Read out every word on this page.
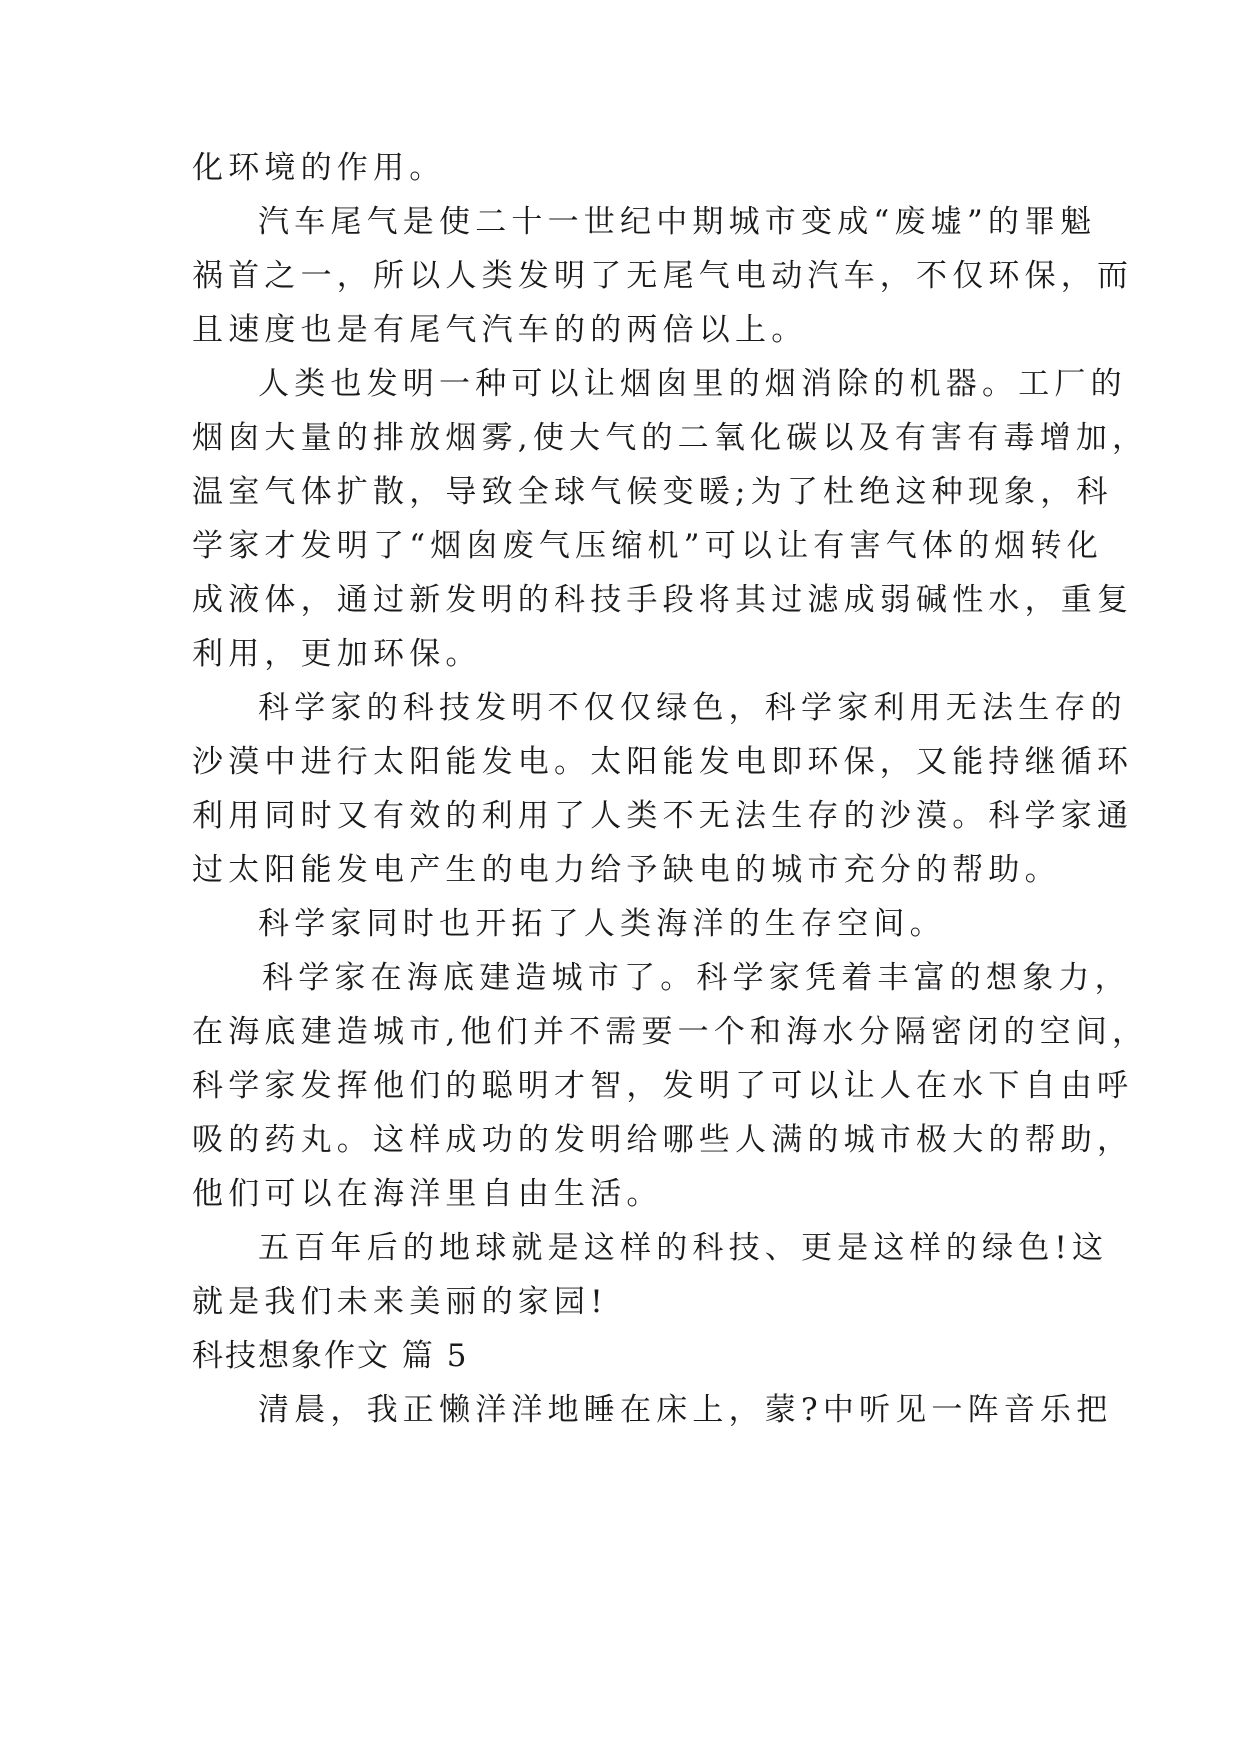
化环境的作用。
汽车尾气是使二十一世纪中期城市变成“废墟”的罪魁
祸首之一，所以人类发明了无尾气电动汽车，不仅环保，而
且速度也是有尾气汽车的的两倍以上。
人类也发明一种可以让烟囱里的烟消除的机器。工厂的
烟囱大量的排放烟雾,使大气的二氧化碳以及有害有毒增加，
温室气体扩散，导致全球气候变暖;为了杜绝这种现象，科
学家才发明了“烟囱废气压缩机”可以让有害气体的烟转化
成液体，通过新发明的科技手段将其过滤成弱碱性水，重复
利用，更加环保。
科学家的科技发明不仅仅绿色，科学家利用无法生存的
沙漠中进行太阳能发电。太阳能发电即环保，又能持继循环
利用同时又有效的利用了人类不无法生存的沙漠。科学家通
过太阳能发电产生的电力给予缺电的城市充分的帮助。
科学家同时也开拓了人类海洋的生存空间。
科学家在海底建造城市了。科学家凭着丰富的想象力，
在海底建造城市,他们并不需要一个和海水分隔密闭的空间，
科学家发挥他们的聪明才智，发明了可以让人在水下自由呼
吸的药丸。这样成功的发明给哪些人满的城市极大的帮助，
他们可以在海洋里自由生活。
五百年后的地球就是这样的科技、更是这样的绿色!这
就是我们未来美丽的家园!
科技想象作文 篇 5
清晨，我正懒洋洋地睡在床上，蒙?中听见一阵音乐把
